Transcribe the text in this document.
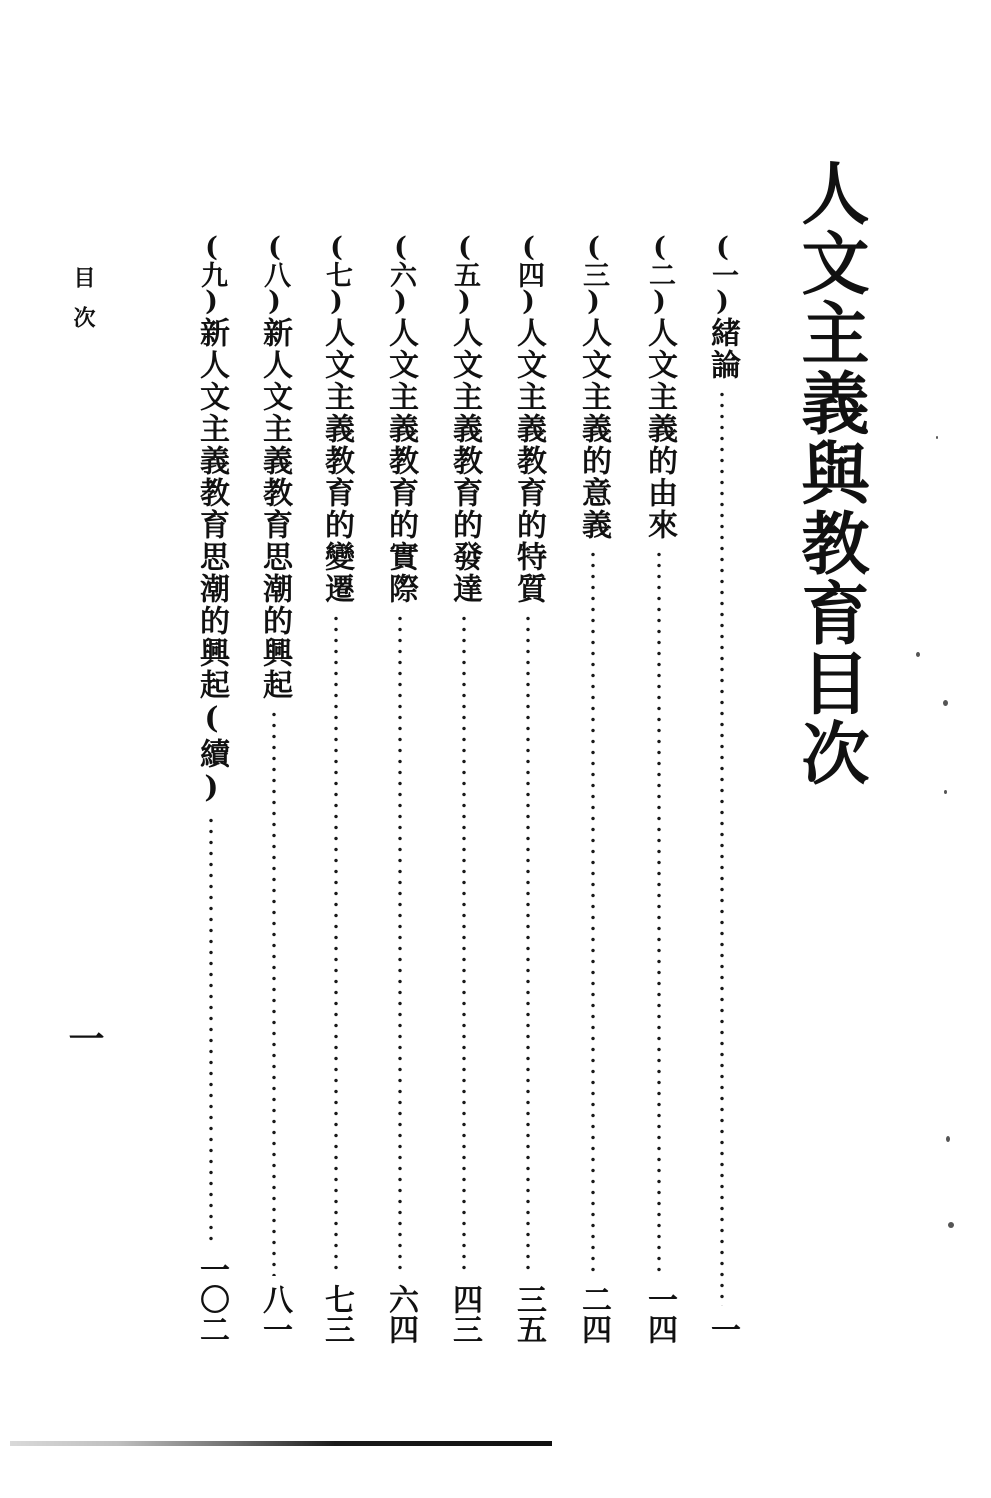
人文主義與教育目次
(一)
緒論
一
(二)
人文主義的由來
一四
(三)
人文主義的意義
二四
(四)
人文主義教育的特質
三五
(五)
人文主義教育的發達
四三
(六)
人文主義教育的實際
六四
(七)
人文主義教育的變遷
七三
(八)
新人文主義教育思潮的興起
八一
(九)
新人文主義教育思潮的興起(續)
一〇二
目次
一
